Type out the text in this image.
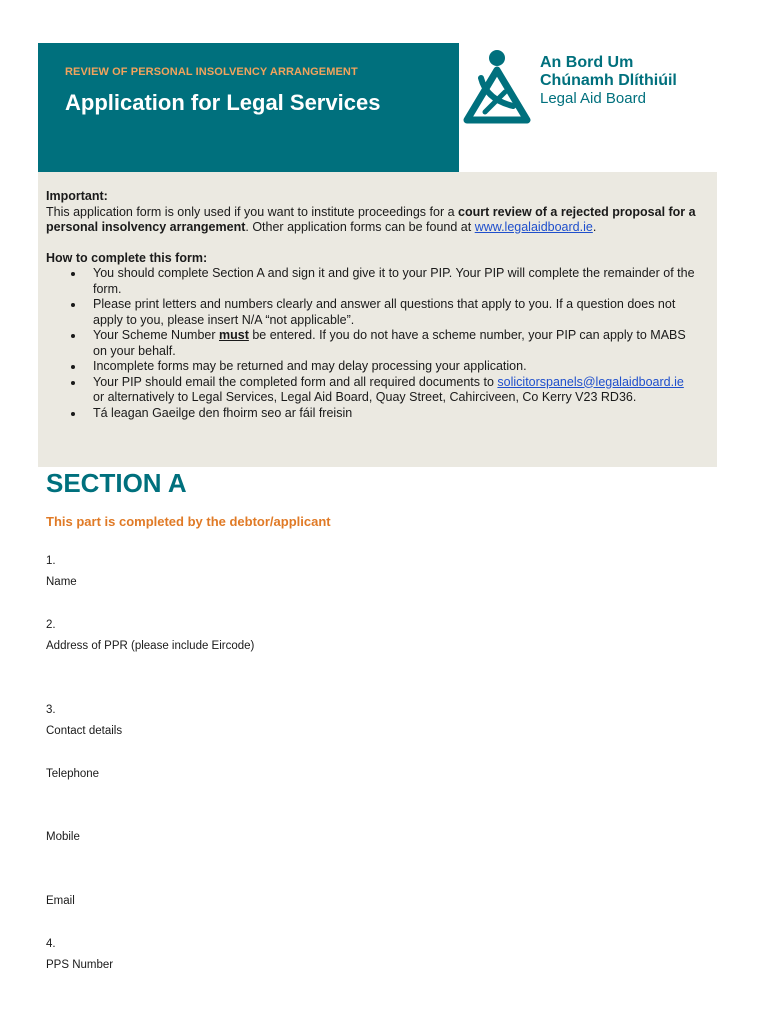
REVIEW OF PERSONAL INSOLVENCY ARRANGEMENT
Application for Legal Services
An Bord Um
Chúnamh Dlíthiúil
Legal Aid Board
Important:

This application form is only used if you want to institute proceedings for a court review of a rejected proposal for a personal insolvency arrangement. Other application forms can be found at www.legalaidboard.ie.

How to complete this form:
You should complete Section A and sign it and give it to your PIP. Your PIP will complete the remainder of the form.
Please print letters and numbers clearly and answer all questions that apply to you. If a question does not apply to you, please insert N/A “not applicable”.
Your Scheme Number must be entered. If you do not have a scheme number, your PIP can apply to MABS on your behalf.
Incomplete forms may be returned and may delay processing your application.
Your PIP should email the completed form and all required documents to solicitorspanels@legalaidboard.ie or alternatively to Legal Services, Legal Aid Board, Quay Street, Cahirciveen, Co Kerry V23 RD36.
Tá leagan Gaeilge den fhoirm seo ar fáil freisin
SECTION A
This part is completed by the debtor/applicant
1.
Name
2.
Address of PPR (please include Eircode)
3.
Contact details
Telephone
Mobile
Email
4.
PPS Number
